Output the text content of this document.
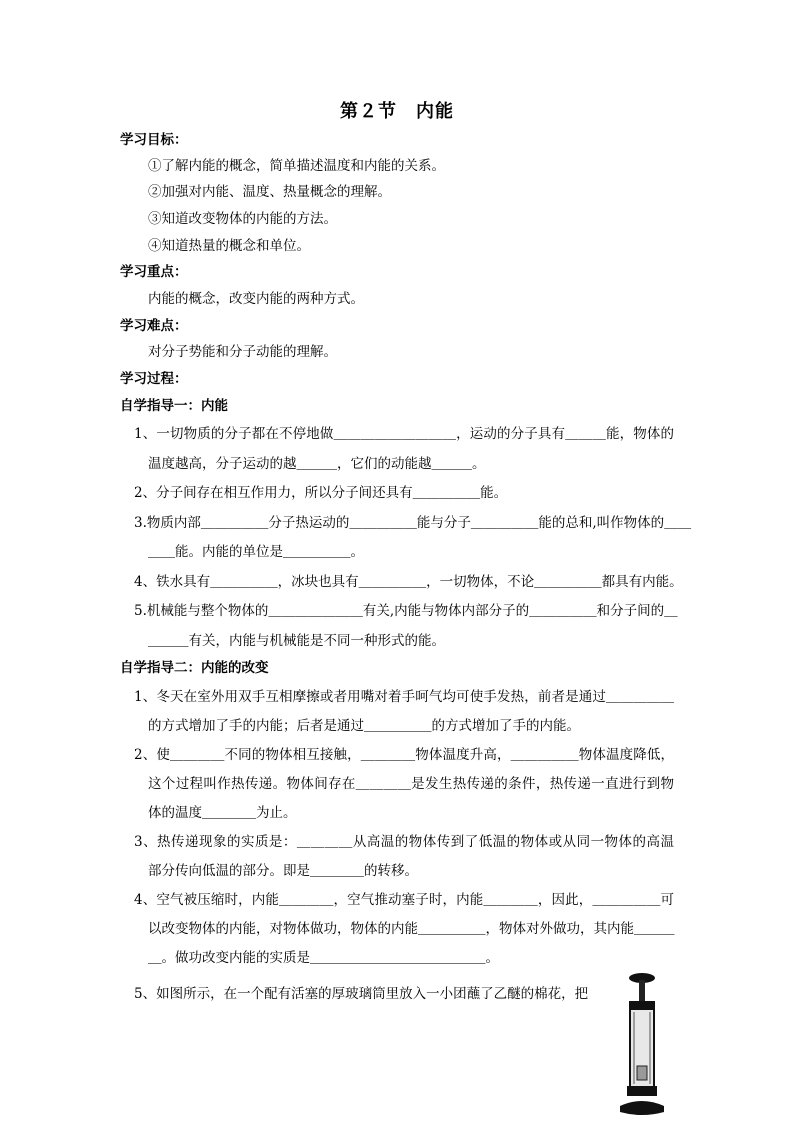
第２节　内能
学习目标：
①了解内能的概念，简单描述温度和内能的关系。
②加强对内能、温度、热量概念的理解。
③知道改变物体的内能的方法。
④知道热量的概念和单位。
学习重点：
内能的概念，改变内能的两种方式。
学习难点：
对分子势能和分子动能的理解。
学习过程：
自学指导一：内能
1、一切物质的分子都在不停地做＿＿＿＿＿＿＿＿＿，运动的分子具有＿＿＿能，物体的
温度越高，分子运动的越＿＿＿，它们的动能越＿＿＿。
2、分子间存在相互作用力，所以分子间还具有＿＿＿＿＿能。
3.物质内部＿＿＿＿＿分子热运动的＿＿＿＿＿能与分子＿＿＿＿＿能的总和,叫作物体的＿＿
＿＿能。内能的单位是＿＿＿＿＿。
4、铁水具有＿＿＿＿＿，冰块也具有＿＿＿＿＿，一切物体，不论＿＿＿＿＿都具有内能。
5.机械能与整个物体的＿＿＿＿＿＿＿有关,内能与物体内部分子的＿＿＿＿＿和分子间的＿
＿＿＿有关，内能与机械能是不同一种形式的能。
自学指导二：内能的改变
1、冬天在室外用双手互相摩擦或者用嘴对着手呵气均可使手发热，前者是通过＿＿＿＿＿
的方式增加了手的内能；后者是通过＿＿＿＿＿的方式增加了手的内能。
2、使＿＿＿＿不同的物体相互接触，＿＿＿＿物体温度升高，＿＿＿＿＿物体温度降低，
这个过程叫作热传递。物体间存在＿＿＿＿是发生热传递的条件，热传递一直进行到物
体的温度＿＿＿＿为止。
3、热传递现象的实质是：＿＿＿＿从高温的物体传到了低温的物体或从同一物体的高温
部分传向低温的部分。即是＿＿＿＿的转移。
4、空气被压缩时，内能＿＿＿＿，空气推动塞子时，内能＿＿＿＿，因此，＿＿＿＿＿可
以改变物体的内能，对物体做功，物体的内能＿＿＿＿＿，物体对外做功，其内能＿＿＿
＿。做功改变内能的实质是＿＿＿＿＿＿＿＿＿＿＿＿＿。
5、如图所示，在一个配有活塞的厚玻璃筒里放入一小团蘸了乙醚的棉花，把
